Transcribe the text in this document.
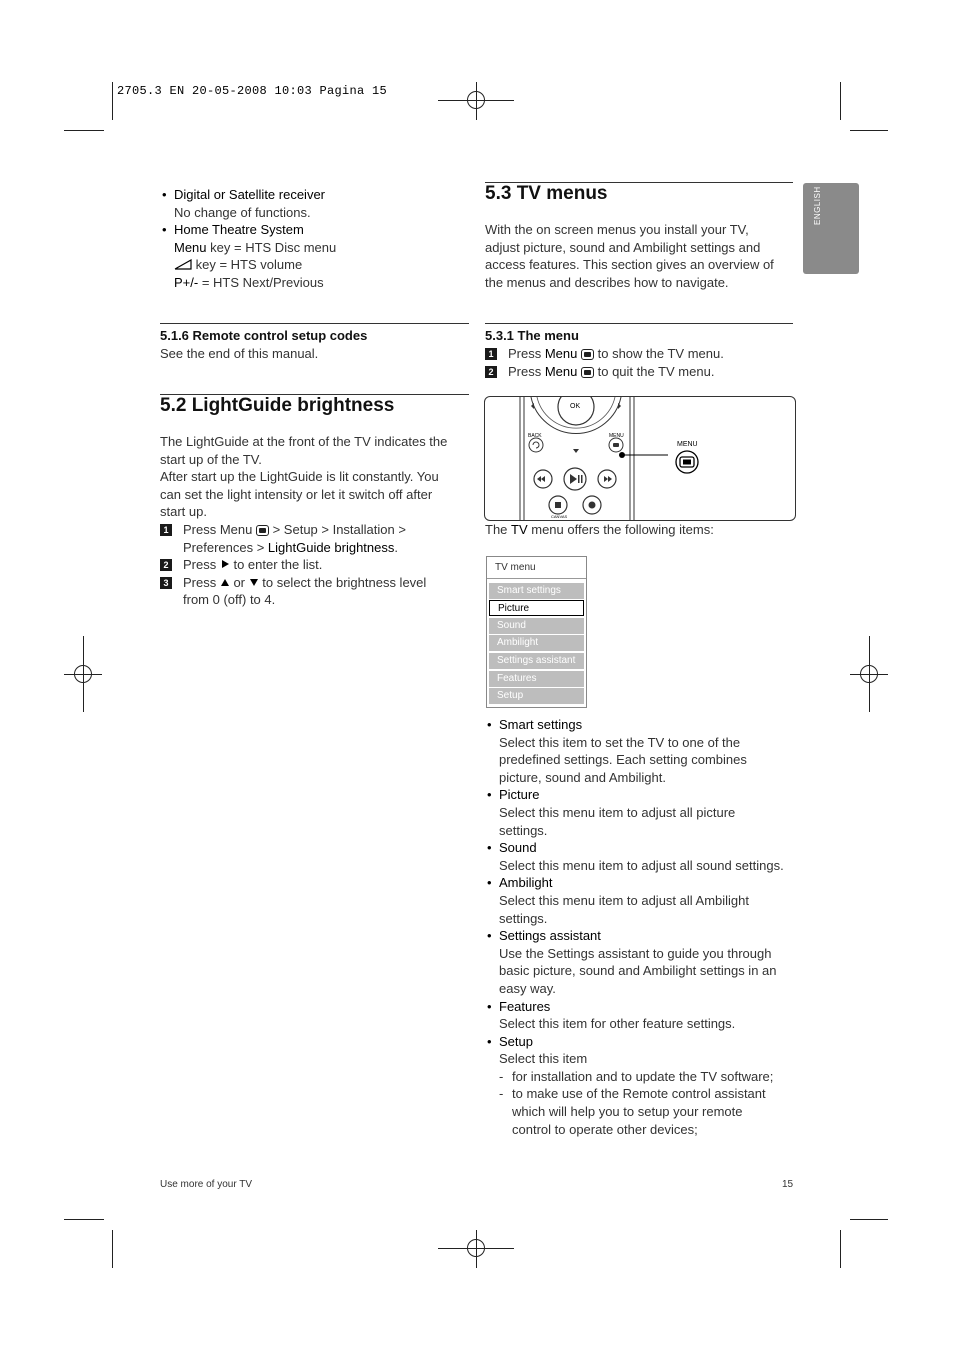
2705.3 EN 20-05-2008 10:03 Pagina 15
ENGLISH
• Digital or Satellite receiver
No change of functions.
• Home Theatre System
Menu key = HTS Disc menu
key = HTS volume
P+/- = HTS Next/Previous
5.1.6 Remote control setup codes
See the end of this manual.
5.2 LightGuide brightness
The LightGuide at the front of the TV indicates the
start up of the TV.
After start up the LightGuide is lit constantly. You
can set the light intensity or let it switch off after
start up.
1 Press Menu  > Setup > Installation >
Preferences > LightGuide brightness.
2 Press  to enter the list.
3 Press  or  to select the brightness level
from 0 (off) to 4.
5.3 TV menus
With the on screen menus you install your TV,
adjust picture, sound and Ambilight settings and
access features. This section gives an overview of
the menus and describes how to navigate.
5.3.1 The menu
1 Press Menu  to show the TV menu.
2 Press Menu  to quit the TV menu.
OK
BACK	MENU
MENU
CANVAS
The TV menu offers the following items:
TV menu
Smart settings
Picture
Sound
Ambilight
Settings assistant
Features
Setup
• Smart settings
Select this item to set the TV to one of the
predefined settings. Each setting combines
picture, sound and Ambilight.
• Picture
Select this menu item to adjust all picture
settings.
• Sound
Select this menu item to adjust all sound settings.
• Ambilight
Select this menu item to adjust all Ambilight
settings.
• Settings assistant
Use the Settings assistant to guide you through
basic picture, sound and Ambilight settings in an
easy way.
• Features
Select this item for other feature settings.
• Setup
Select this item
- for installation and to update the TV software;
- to make use of the Remote control assistant
which will help you to setup your remote
control to operate other devices;
Use more of your TV	15
